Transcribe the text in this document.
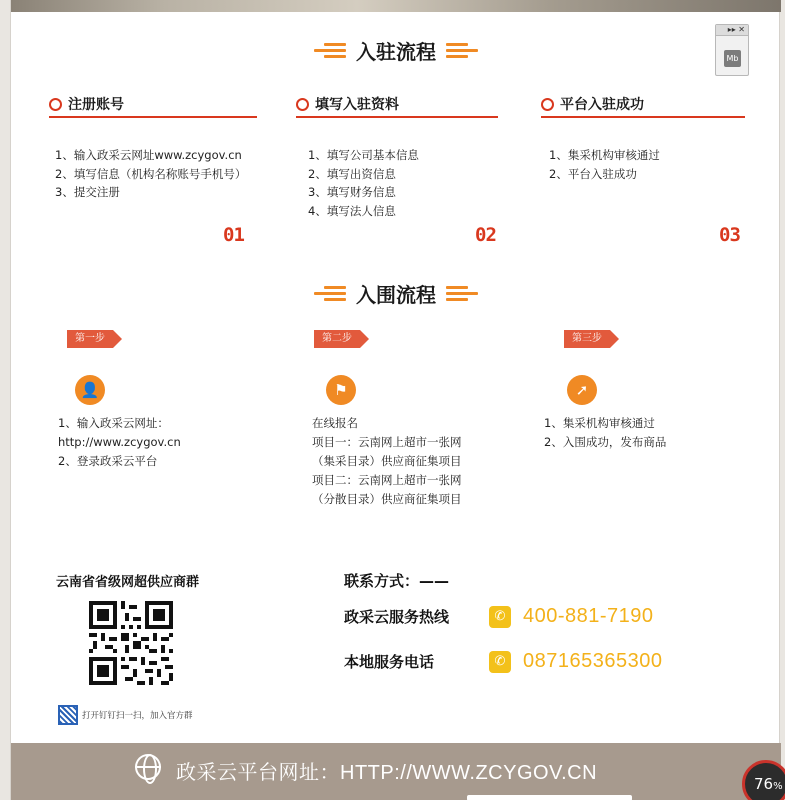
▸▸ ✕
Mb
入驻流程
注册账号
1、输入政采云网址www.zcygov.cn
2、填写信息（机构名称账号手机号）
3、提交注册
01
填写入驻资料
1、填写公司基本信息
2、填写出资信息
3、填写财务信息
4、填写法人信息
02
平台入驻成功
1、集采机构审核通过
2、平台入驻成功
03
入围流程
第一步
👤
1、输入政采云网址：
http://www.zcygov.cn
2、登录政采云平台
第二步
⚑
在线报名
项目一：云南网上超市一张网
（集采目录）供应商征集项目
项目二：云南网上超市一张网
（分散目录）供应商征集项目
第三步
➚
1、集采机构审核通过
2、入围成功，发布商品
云南省省级网超供应商群
打开钉钉扫一扫，加入官方群
联系方式：——
政采云服务热线	✆ 400-881-7190
本地服务电话	✆ 087165365300
政采云平台网址：HTTP://WWW.ZCYGOV.CN	76%
